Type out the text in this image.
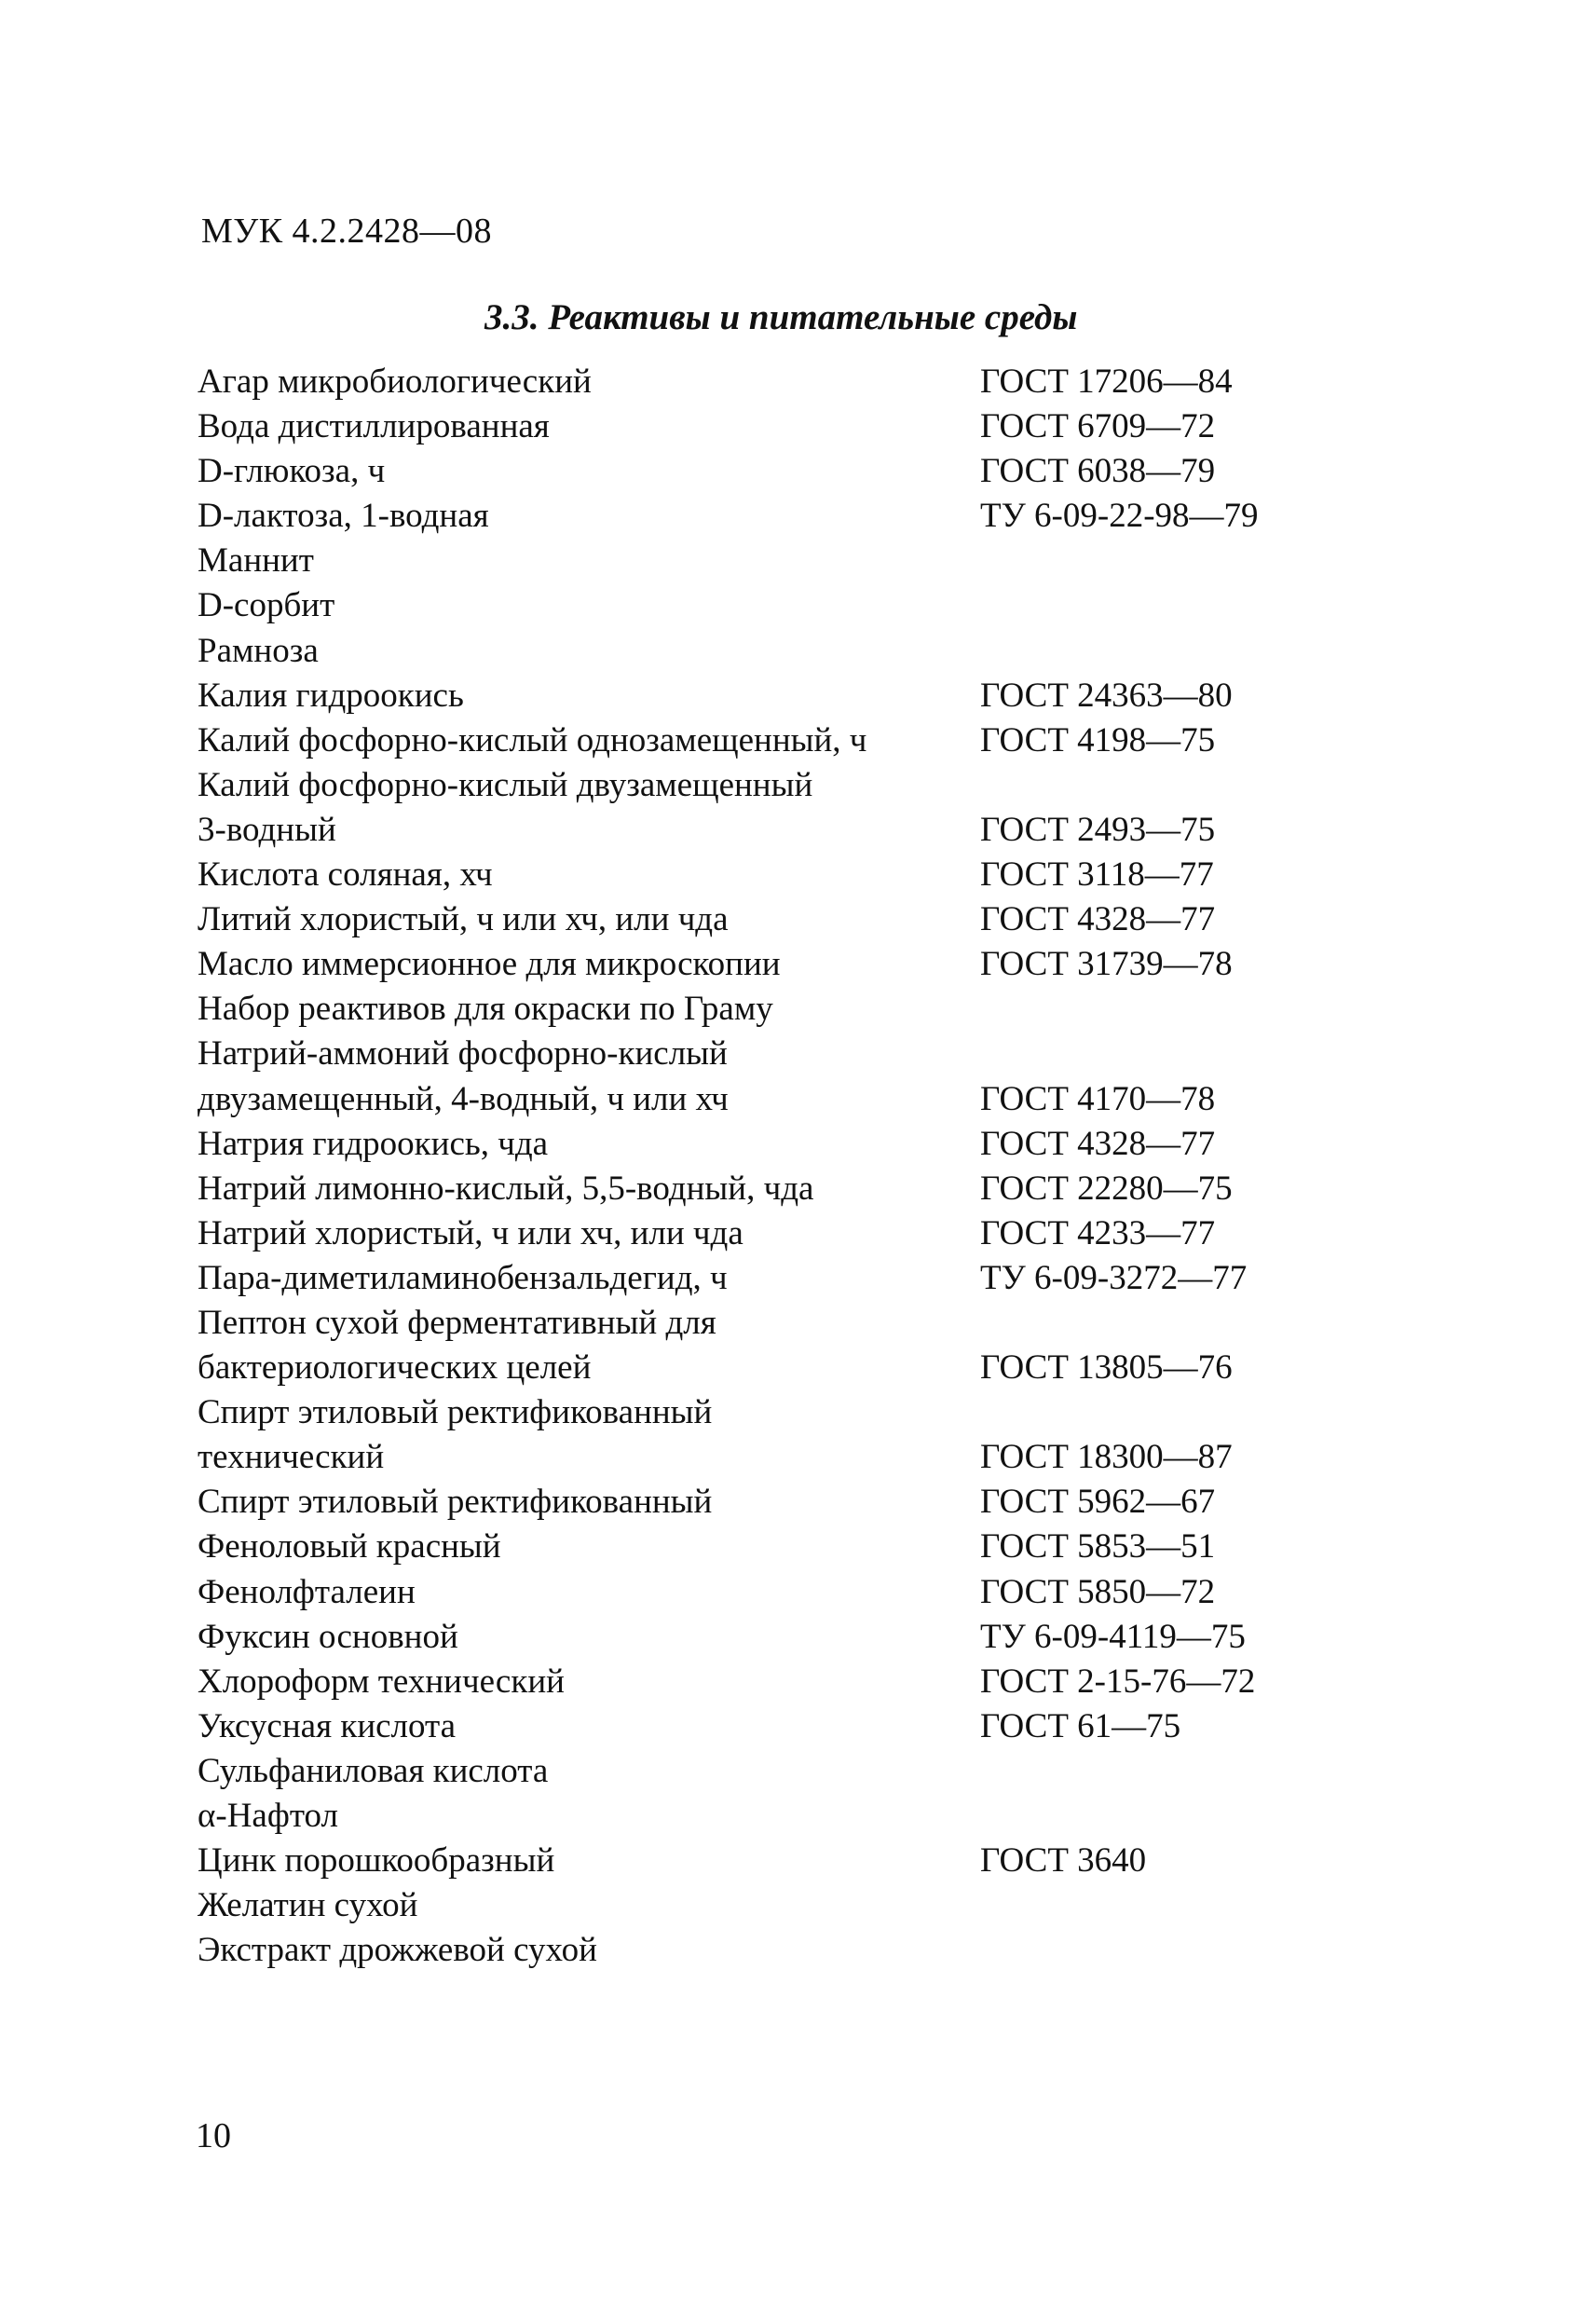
МУК 4.2.2428—08
3.3. Реактивы и питательные среды
Агар микробиологический	ГОСТ 17206—84
Вода дистиллированная	ГОСТ 6709—72
D-глюкоза, ч	ГОСТ 6038—79
D-лактоза, 1-водная	ТУ 6-09-22-98—79
Маннит
D-сорбит
Рамноза
Калия гидроокись	ГОСТ 24363—80
Калий фосфорно-кислый однозамещенный, ч	ГОСТ 4198—75
Калий фосфорно-кислый двузамещенный
3-водный	ГОСТ 2493—75
Кислота соляная, хч	ГОСТ 3118—77
Литий хлористый, ч или хч, или чда	ГОСТ 4328—77
Масло иммерсионное для микроскопии	ГОСТ 31739—78
Набор реактивов для окраски по Граму
Натрий-аммоний фосфорно-кислый
двузамещенный, 4-водный, ч или хч	ГОСТ 4170—78
Натрия гидроокись, чда	ГОСТ 4328—77
Натрий лимонно-кислый, 5,5-водный, чда	ГОСТ 22280—75
Натрий хлористый, ч или хч, или чда	ГОСТ 4233—77
Пара-диметиламинобензальдегид, ч	ТУ 6-09-3272—77
Пептон сухой ферментативный для
бактериологических целей	ГОСТ 13805—76
Спирт этиловый ректификованный
технический	ГОСТ 18300—87
Спирт этиловый ректификованный	ГОСТ 5962—67
Феноловый красный	ГОСТ 5853—51
Фенолфталеин	ГОСТ 5850—72
Фуксин основной	ТУ 6-09-4119—75
Хлороформ технический	ГОСТ 2-15-76—72
Уксусная кислота	ГОСТ 61—75
Сульфаниловая кислота
α-Нафтол
Цинк порошкообразный	ГОСТ 3640
Желатин сухой
Экстракт дрожжевой сухой
10
